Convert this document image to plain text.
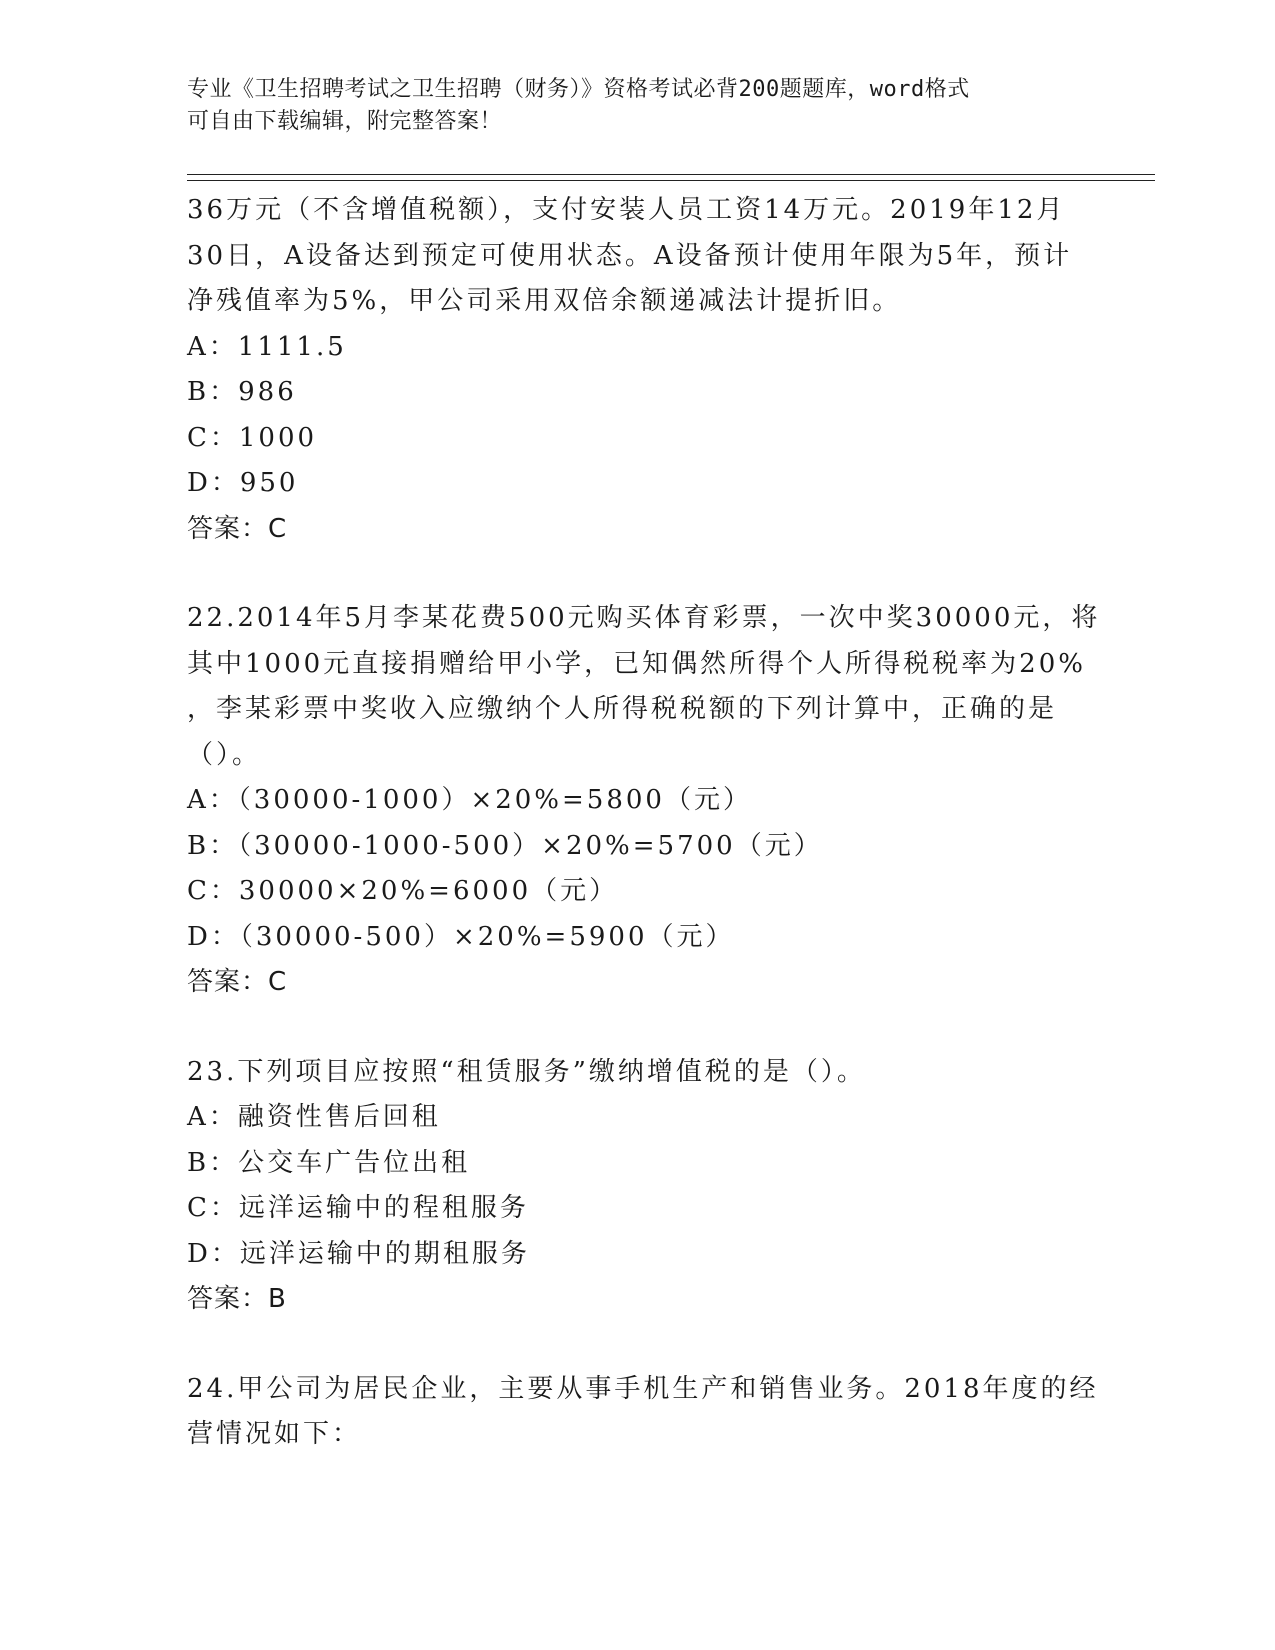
专业《卫生招聘考试之卫生招聘（财务）》资格考试必背200题题库，word格式
可自由下载编辑，附完整答案！
36万元（不含增值税额），支付安装人员工资14万元。2019年12月
30日，A设备达到预定可使用状态。A设备预计使用年限为5年，预计
净残值率为5%，甲公司采用双倍余额递减法计提折旧。
A：1111.5
B：986
C：1000
D：950
答案：C
22.2014年5月李某花费500元购买体育彩票，一次中奖30000元，将
其中1000元直接捐赠给甲小学，已知偶然所得个人所得税税率为20%
，李某彩票中奖收入应缴纳个人所得税税额的下列计算中，正确的是
（）。
A：（30000-1000）×20%=5800（元）
B：（30000-1000-500）×20%=5700（元）
C：30000×20%=6000（元）
D：（30000-500）×20%=5900（元）
答案：C
23.下列项目应按照“租赁服务”缴纳增值税的是（）。
A：融资性售后回租
B：公交车广告位出租
C：远洋运输中的程租服务
D：远洋运输中的期租服务
答案：B
24.甲公司为居民企业，主要从事手机生产和销售业务。2018年度的经
营情况如下：
